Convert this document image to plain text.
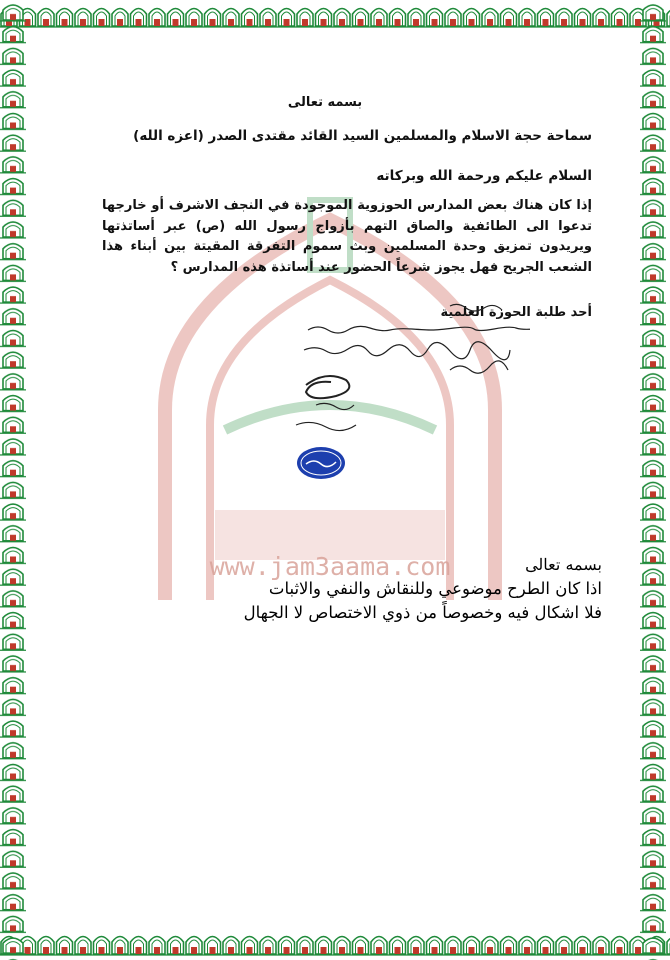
www.jam3aama.com
بسمه تعالى
سماحة حجة الاسلام والمسلمين السيد القائد مقتدى الصدر (اعزه الله)
السلام عليكم ورحمة الله وبركاته
إذا كان هناك بعض المدارس الحوزوية الموجودة في النجف الاشرف أو خارجها تدعوا الى الطائفية والصاق التهم بأزواج رسول الله (ص) عبر أساتذتها ويريدون تمزيق وحدة المسلمين وبث سموم التفرقة المقيتة بين أبناء هذا الشعب الجريح فهل يجوز شرعاً الحضور عند أساتذة هذه المدارس ؟
أحد طلبة الحوزة العلمية
بسمه تعالى
اذا كان الطرح موضوعي وللنقاش والنفي والاثبات
فلا اشكال فيه وخصوصاً من ذوي الاختصاص لا الجهال
